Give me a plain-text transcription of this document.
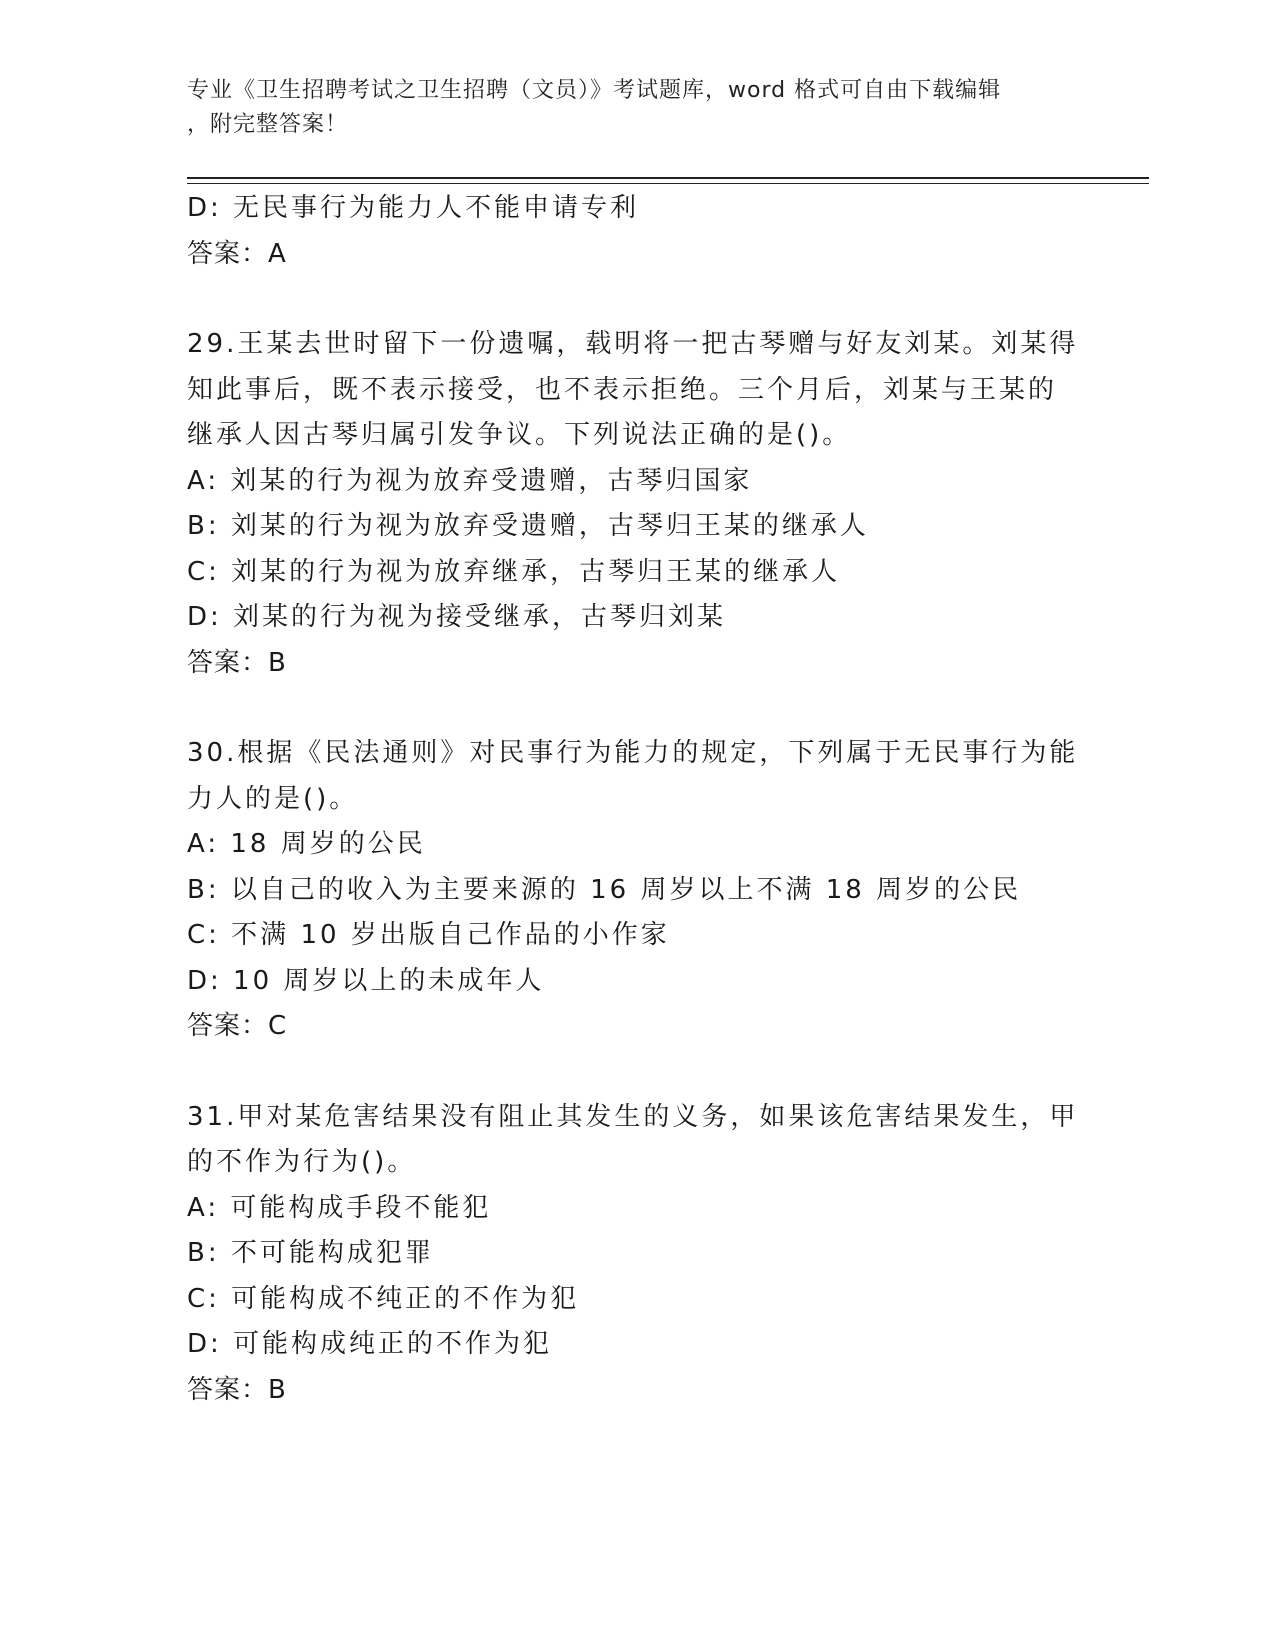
专业《卫生招聘考试之卫生招聘（文员）》考试题库，word 格式可自由下载编辑
，附完整答案！
D: 无民事行为能力人不能申请专利
答案：A
29.王某去世时留下一份遗嘱，载明将一把古琴赠与好友刘某。刘某得
知此事后，既不表示接受，也不表示拒绝。三个月后，刘某与王某的
继承人因古琴归属引发争议。下列说法正确的是()。
A: 刘某的行为视为放弃受遗赠，古琴归国家
B: 刘某的行为视为放弃受遗赠，古琴归王某的继承人
C: 刘某的行为视为放弃继承，古琴归王某的继承人
D: 刘某的行为视为接受继承，古琴归刘某
答案：B
30.根据《民法通则》对民事行为能力的规定，下列属于无民事行为能
力人的是()。
A: 18 周岁的公民
B: 以自己的收入为主要来源的 16 周岁以上不满 18 周岁的公民
C: 不满 10 岁出版自己作品的小作家
D: 10 周岁以上的未成年人
答案：C
31.甲对某危害结果没有阻止其发生的义务，如果该危害结果发生，甲
的不作为行为()。
A: 可能构成手段不能犯
B: 不可能构成犯罪
C: 可能构成不纯正的不作为犯
D: 可能构成纯正的不作为犯
答案：B
